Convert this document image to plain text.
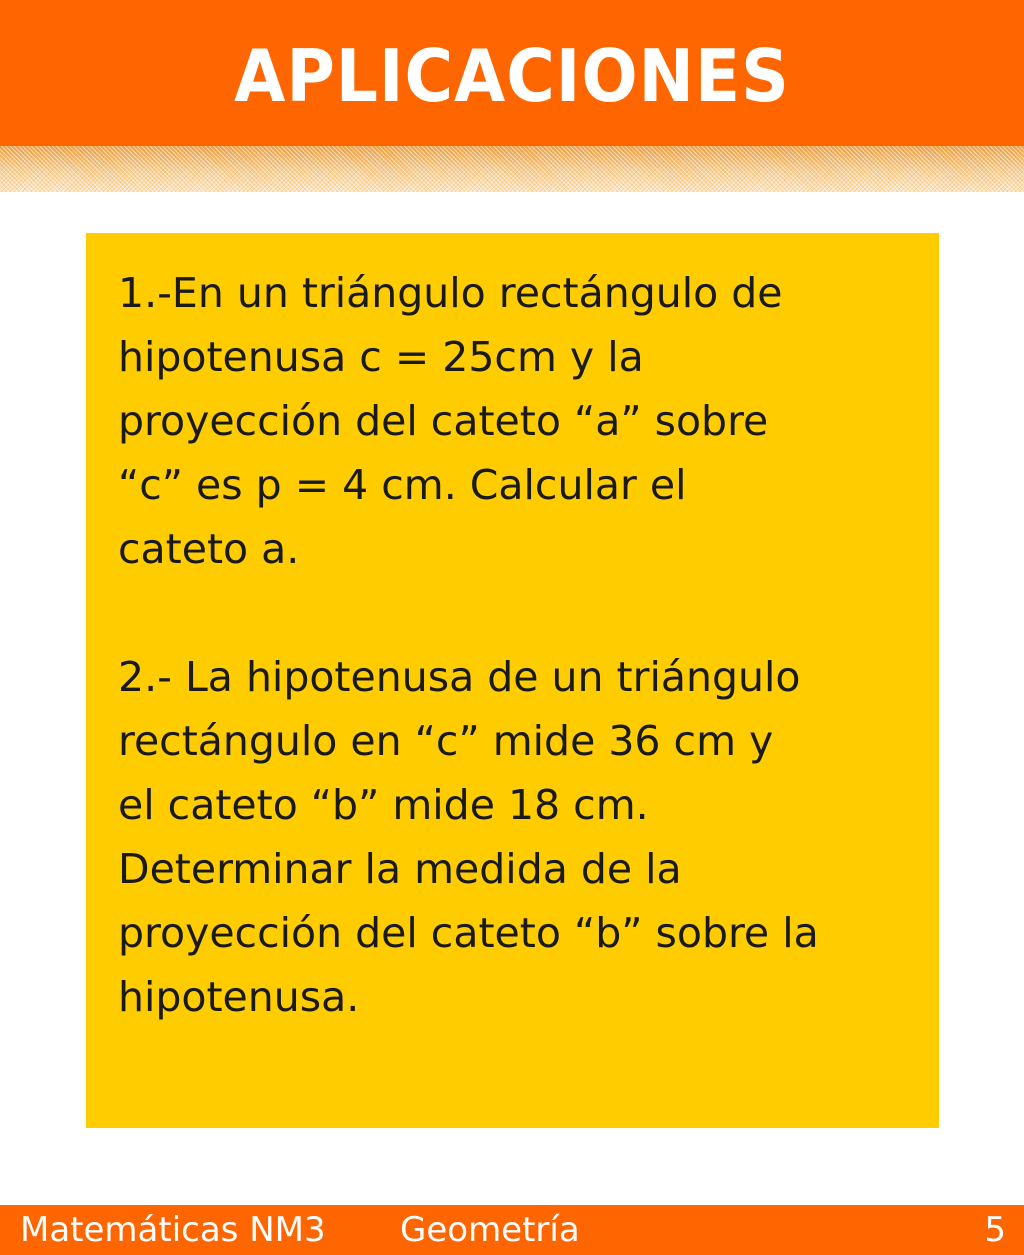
APLICACIONES

1.-En un triángulo rectángulo de
hipotenusa c = 25cm y la
proyección del cateto “a” sobre
“c” es p = 4 cm. Calcular el
cateto a.

2.- La hipotenusa de un triángulo
rectángulo en “c” mide 36 cm y
el cateto “b” mide 18 cm.
Determinar la medida de la
proyección del cateto “b” sobre la
hipotenusa.

Matemáticas NM3 Geometría	5
